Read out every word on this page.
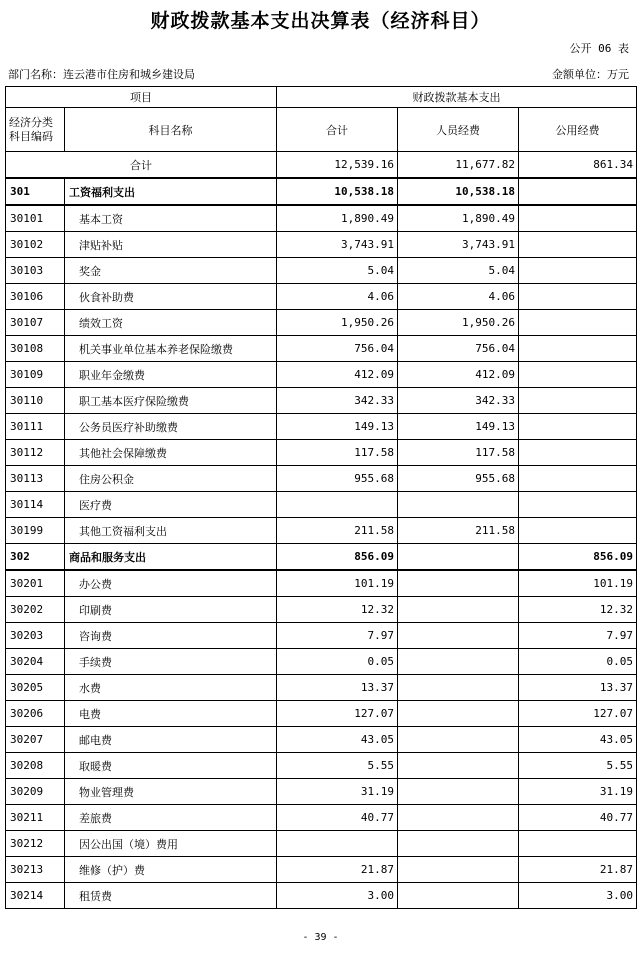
财政拨款基本支出决算表（经济科目）
公开 06 表
部门名称：连云港市住房和城乡建设局	金额单位：万元
项目		财政拨款基本支出		
经济分类科目编码	科目名称	合计	人员经费	公用经费
合计		12,539.16	11,677.82	861.34
301	工资福利支出	10,538.18	10,538.18	
30101	基本工资	1,890.49	1,890.49	
30102	津贴补贴	3,743.91	3,743.91	
30103	奖金	5.04	5.04	
30106	伙食补助费	4.06	4.06	
30107	绩效工资	1,950.26	1,950.26	
30108	机关事业单位基本养老保险缴费	756.04	756.04	
30109	职业年金缴费	412.09	412.09	
30110	职工基本医疗保险缴费	342.33	342.33	
30111	公务员医疗补助缴费	149.13	149.13	
30112	其他社会保障缴费	117.58	117.58	
30113	住房公积金	955.68	955.68	
30114	医疗费			
30199	其他工资福利支出	211.58	211.58	
302	商品和服务支出	856.09		856.09
30201	办公费	101.19		101.19
30202	印刷费	12.32		12.32
30203	咨询费	7.97		7.97
30204	手续费	0.05		0.05
30205	水费	13.37		13.37
30206	电费	127.07		127.07
30207	邮电费	43.05		43.05
30208	取暖费	5.55		5.55
30209	物业管理费	31.19		31.19
30211	差旅费	40.77		40.77
30212	因公出国（境）费用			
30213	维修（护）费	21.87		21.87
30214	租赁费	3.00		3.00
- 39 -
